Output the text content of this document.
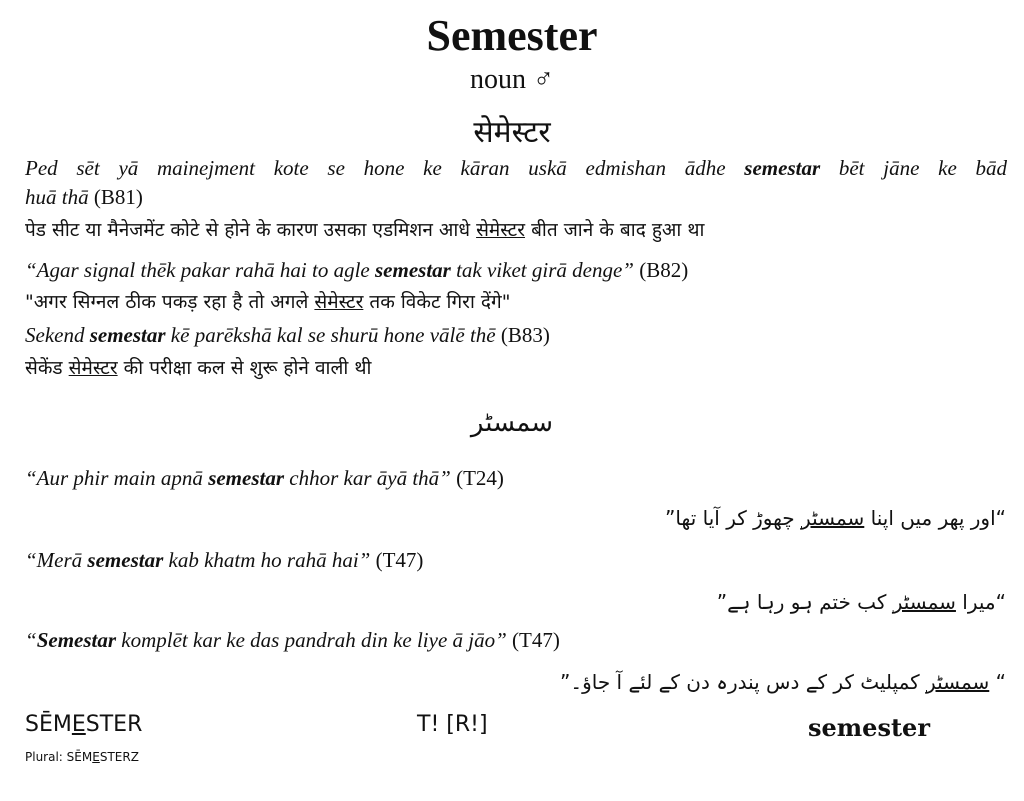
Semester
noun ♂
सेमेस्टर
Ped sēt yā mainejment kote se hone ke kāran uskā edmishan ādhe semestar bēt jāne ke bād
huā thā (B81)
पेड सीट या मैनेजमेंट कोटे से होने के कारण उसका एडमिशन आधे सेमेस्टर बीत जाने के बाद हुआ था
“Agar signal thēk pakar rahā hai to agle semestar tak viket girā denge” (B82)
"अगर सिग्नल ठीक पकड़ रहा है तो अगले सेमेस्टर तक विकेट गिरा देंगे"
Sekend semestar kē parēkshā kal se shurū hone vālē thē (B83)
सेकेंड सेमेस्टर की परीक्षा कल से शुरू होने वाली थी
سمسٹر
“Aur phir main apnā semestar chhor kar āyā thā” (T24)
“اور پھر میں اپنا سمسٹر چھوڑ کر آیا تھا”
“Merā semestar kab khatm ho rahā hai” (T47)
“میرا سمسٹر کب ختم ہو رہا ہے”
“Semestar komplēt kar ke das pandrah din ke liye ā jāo” (T47)
“ سمسٹر کمپلیٹ کر کے دس پندرہ دن کے لئے آ جاؤ۔”
SĒMESTER
Plural: SĒMESTERZ
T! [R!]	semester
